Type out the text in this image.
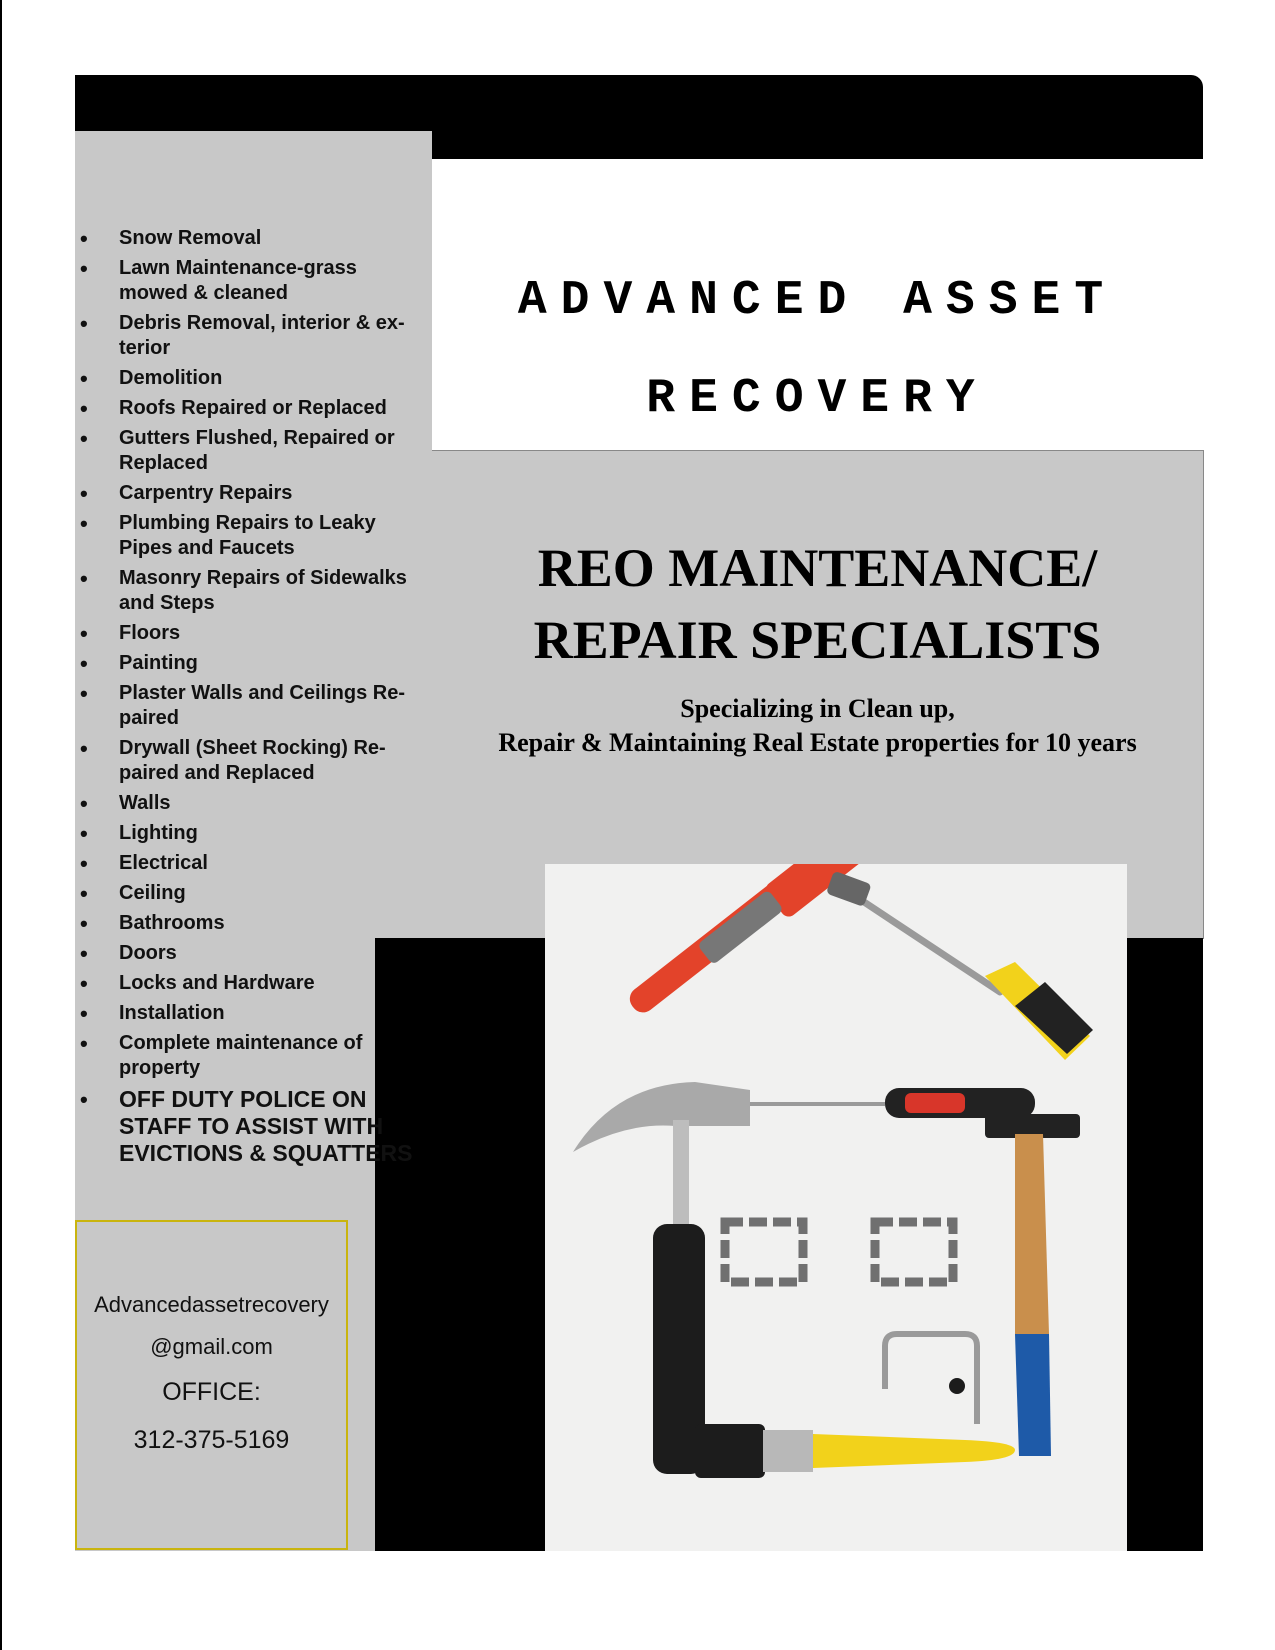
ADVANCED ASSET
RECOVERY
REO MAINTENANCE/
REPAIR SPECIALISTS
Specializing in Clean up,
Repair & Maintaining Real Estate properties for 10 years
• Snow Removal
• Lawn Maintenance-grass mowed & cleaned
• Debris Removal, interior & ex-terior
• Demolition
• Roofs Repaired or Replaced
• Gutters Flushed, Repaired or Replaced
• Carpentry Repairs
• Plumbing Repairs to Leaky Pipes and Faucets
• Masonry Repairs of Sidewalks and Steps
• Floors
• Painting
• Plaster Walls and Ceilings Re-paired
• Drywall (Sheet Rocking) Re-paired and Replaced
• Walls
• Lighting
• Electrical
• Ceiling
• Bathrooms
• Doors
• Locks and Hardware
• Installation
• Complete maintenance of property
• OFF DUTY POLICE ON STAFF TO ASSIST WITH EVICTIONS & SQUATTERS
Advancedassetrecovery
@gmail.com
OFFICE:
312-375-5169
